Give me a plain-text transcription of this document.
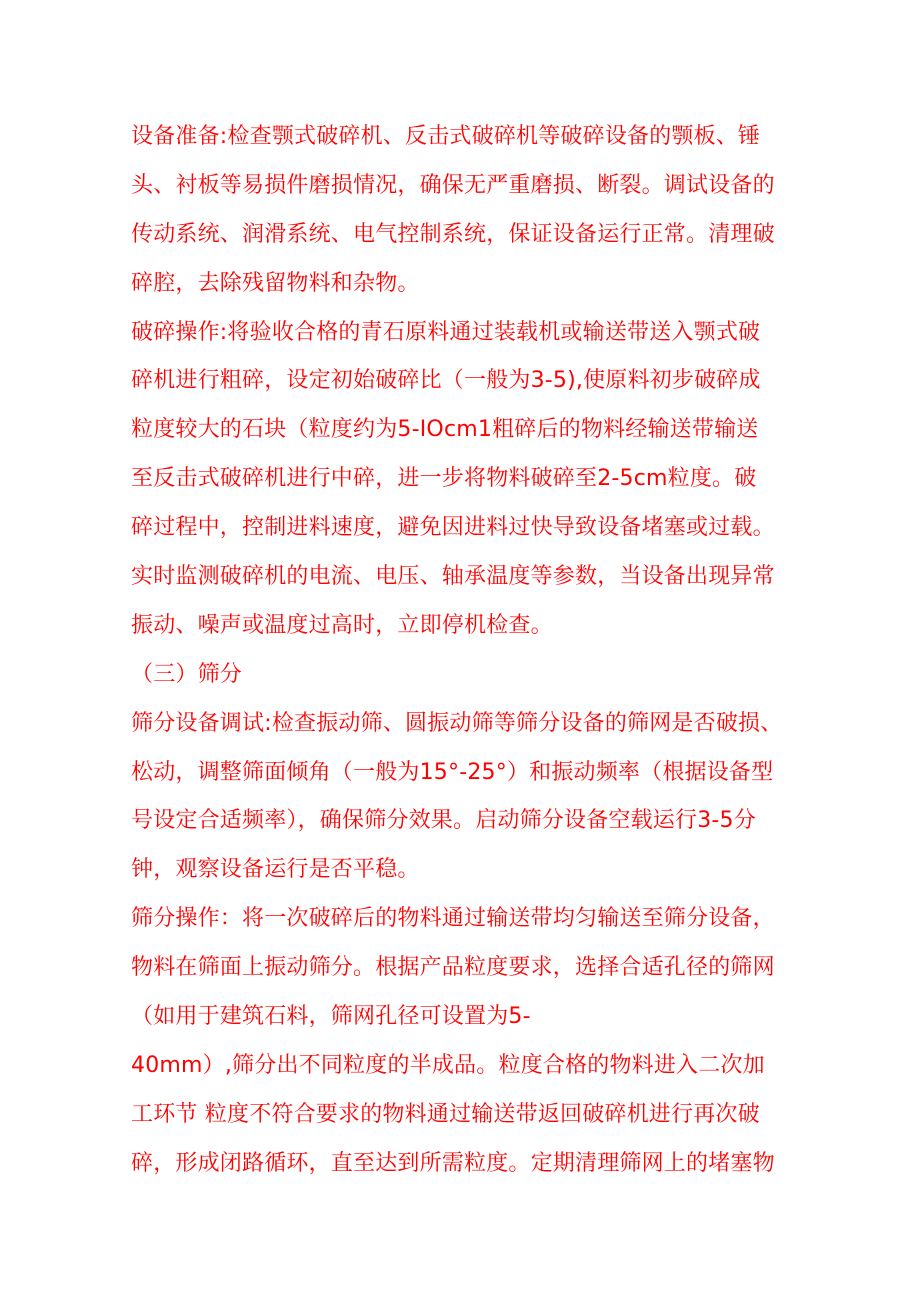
设备准备:检查颚式破碎机、反击式破碎机等破碎设备的颚板、锤
头、衬板等易损件磨损情况，确保无严重磨损、断裂。调试设备的
传动系统、润滑系统、电气控制系统，保证设备运行正常。清理破
碎腔，去除残留物料和杂物。
破碎操作:将验收合格的青石原料通过装载机或输送带送入颚式破
碎机进行粗碎，设定初始破碎比（一般为3-5),使原料初步破碎成
粒度较大的石块（粒度约为5-IOcm1粗碎后的物料经输送带输送
至反击式破碎机进行中碎，进一步将物料破碎至2-5cm粒度。破
碎过程中，控制进料速度，避免因进料过快导致设备堵塞或过载。
实时监测破碎机的电流、电压、轴承温度等参数，当设备出现异常
振动、噪声或温度过高时，立即停机检查。
（三）筛分
筛分设备调试:检查振动筛、圆振动筛等筛分设备的筛网是否破损、
松动，调整筛面倾角（一般为15°-25°）和振动频率（根据设备型
号设定合适频率），确保筛分效果。启动筛分设备空载运行3-5分
钟，观察设备运行是否平稳。
筛分操作：将一次破碎后的物料通过输送带均匀输送至筛分设备，
物料在筛面上振动筛分。根据产品粒度要求，选择合适孔径的筛网
（如用于建筑石料，筛网孔径可设置为5-
40mm）,筛分出不同粒度的半成品。粒度合格的物料进入二次加
工环节 粒度不符合要求的物料通过输送带返回破碎机进行再次破
碎，形成闭路循环，直至达到所需粒度。定期清理筛网上的堵塞物
